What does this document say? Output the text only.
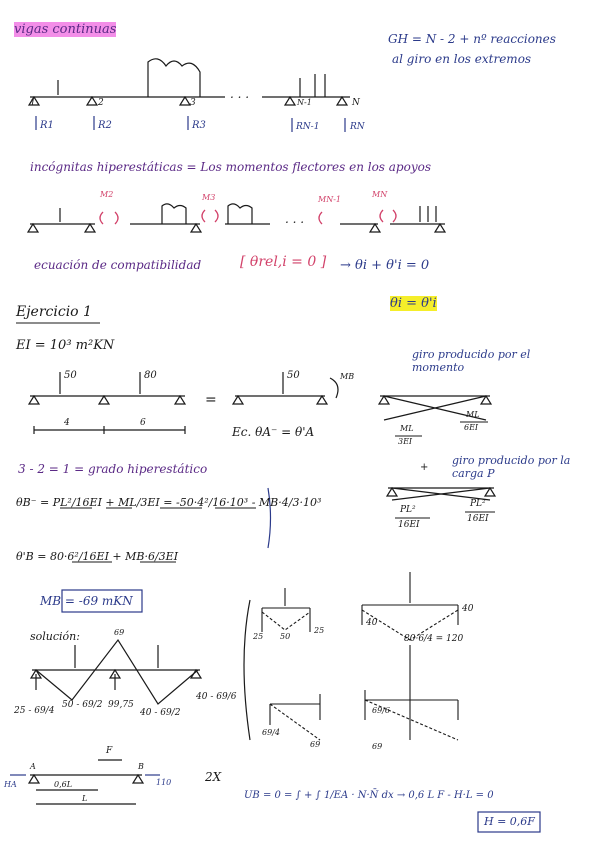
vigas continuas
GH = N - 2 + nº reacciones
al giro en los extremos
1	2	3	N-1	N
. . .
R1	R2	R3	RN-1	RN
incógnitas hiperestáticas = Los momentos flectores en los apoyos
M2	M3	MN-1
MN
. . .
ecuación de compatibilidad	[ θrel,i = 0 ] → θi + θ'i = 0
θi = θ'i
Ejercicio 1
EI = 10³ m²KN
50	80	50
4	6
=
MB
Ec. θA⁻ = θ'A
giro producido por el momento
ML
3EI
ML
6EI
+
giro producido por la carga P
PL²
16EI
PL²
16EI
3 - 2 = 1 = grado hiperestático
θB⁻ = PL²/16EI + ML/3EI = -50·4²/16·10³ - MB·4/3·10³
θ'B = 80·6²/16EI + MB·6/3EI
MB = -69 mKN
solución:	69
25 - 69/4
50 - 69/2 99,75
40 - 69/2
40 - 69/6
25 50
25
40
40
80·6/4 = 120
69/4
69
69/6
69
A	B
HA	110
F
0,6L
L
2X
UB = 0 = ∫ + ∫ 1/EA · N·N̄ dx → 0,6 L F - H·L = 0
H = 0,6F
